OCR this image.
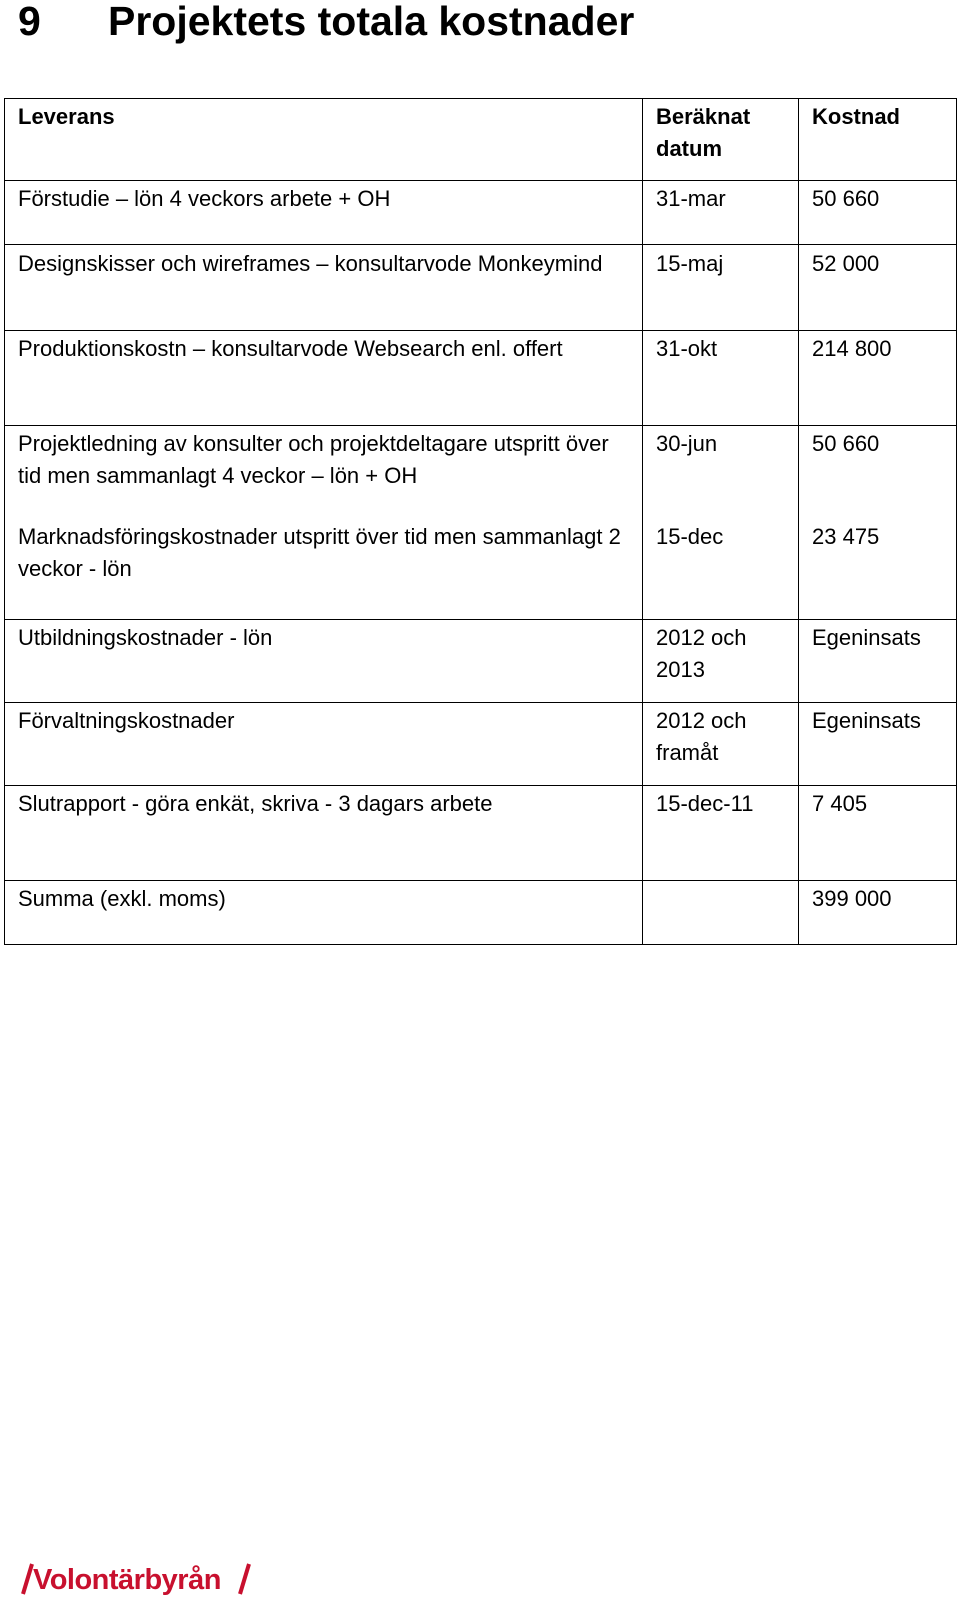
9 Projektets totala kostnader
Leverans	Beräknat datum	Kostnad
Förstudie – lön 4 veckors arbete + OH	31-mar	50 660
Designskisser och wireframes – konsultarvode Monkeymind	15-maj	52 000
Produktionskostn – konsultarvode Websearch enl. offert	31-okt	214 800
Projektledning av konsulter och projektdeltagare utspritt över tid men sammanlagt 4 veckor – lön + OH	30-jun	50 660
Marknadsföringskostnader utspritt över tid men sammanlagt 2 veckor - lön	15-dec	23 475
Utbildningskostnader - lön	2012 och 2013	Egeninsats
Förvaltningskostnader	2012 och framåt	Egeninsats
Slutrapport - göra enkät, skriva - 3 dagars arbete	15-dec-11	7 405
Summa (exkl. moms)		399 000
Volontärbyrån
